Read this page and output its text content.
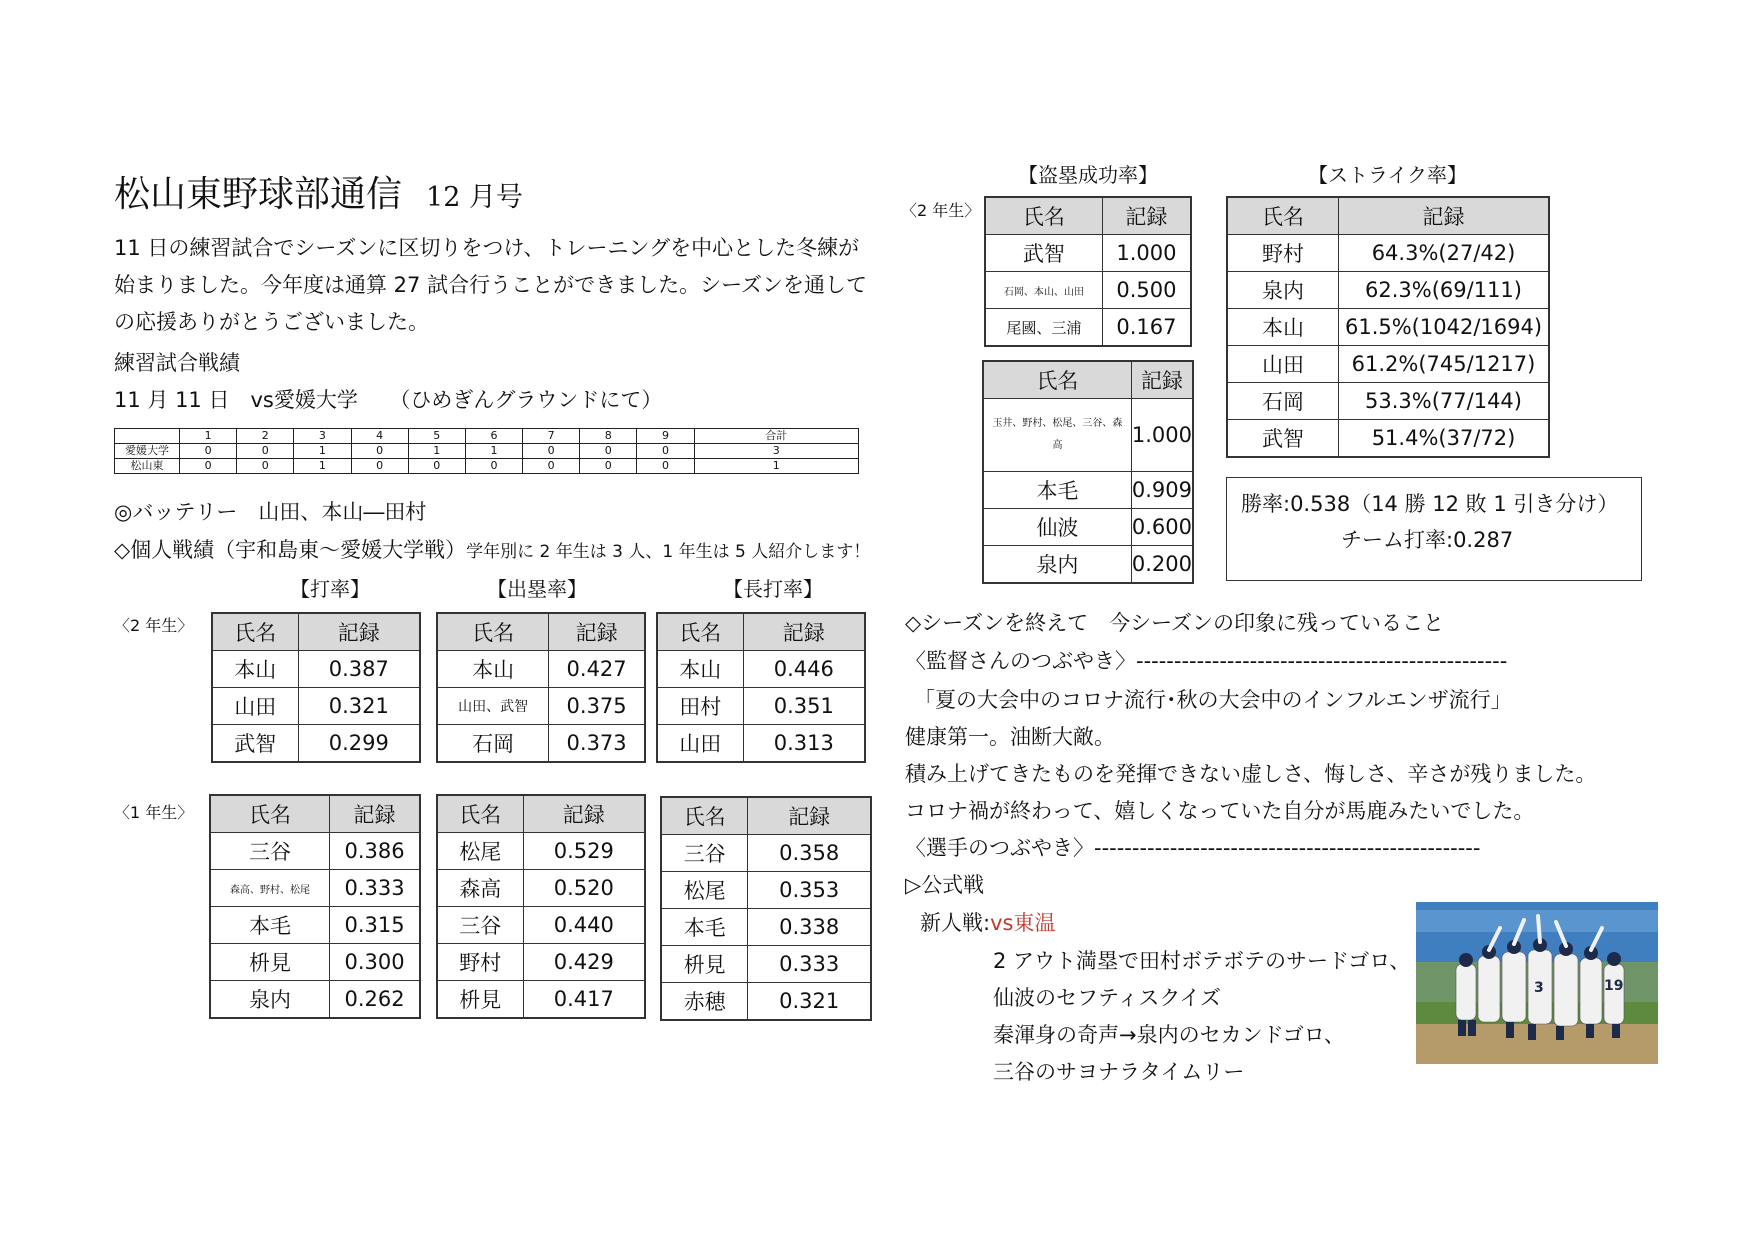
松山東野球部通信 12 月号
11 日の練習試合でシーズンに区切りをつけ、トレーニングを中心とした冬練が始まりました。今年度は通算 27 試合行うことができました。シーズンを通しての応援ありがとうございました。
練習試合戦績
11 月 11 日　vs愛媛大学　　（ひめぎんグラウンドにて）
	1	2	3	4	5	6	7	8	9	合計
愛媛大学	0	0	1	0	1	1	0	0	0	3
松山東	0	0	1	0	0	0	0	0	0	1
◎バッテリー　山田、本山―田村
◇個人戦績（宇和島東～愛媛大学戦）学年別に 2 年生は 3 人、1 年生は 5 人紹介します！
【打率】	【出塁率】	【長打率】
〈2 年生〉
〈1 年生〉
氏名	記録
本山	0.387
山田	0.321
武智	0.299
氏名	記録
本山	0.427
山田、武智	0.375
石岡	0.373
氏名	記録
本山	0.446
田村	0.351
山田	0.313
氏名	記録
三谷	0.386
森高、野村、松尾	0.333
本毛	0.315
枡見	0.300
泉内	0.262
氏名	記録
松尾	0.529
森高	0.520
三谷	0.440
野村	0.429
枡見	0.417
氏名	記録
三谷	0.358
松尾	0.353
本毛	0.338
枡見	0.333
赤穂	0.321
【盗塁成功率】
〈2 年生〉 氏名	記録
武智	1.000
石岡、本山、山田	0.500
尾國、三浦	0.167
氏名	記録
玉井、野村、松尾、三谷、森高	1.000
本毛	0.909
仙波	0.600
泉内	0.200
【ストライク率】
氏名	記録
野村	64.3%(27/42)
泉内	62.3%(69/111)
本山	61.5%(1042/1694)
山田	61.2%(745/1217)
石岡	53.3%(77/144)
武智	51.4%(37/72)
勝率:0.538（14 勝 12 敗 1 引き分け）
チーム打率:0.287
◇シーズンを終えて　今シーズンの印象に残っていること
〈監督さんのつぶやき〉-------------------------------------------------
「夏の大会中のコロナ流行･秋の大会中のインフルエンザ流行」
健康第一。油断大敵。
積み上げてきたものを発揮できない虚しさ、悔しさ、辛さが残りました。
コロナ禍が終わって、嬉しくなっていた自分が馬鹿みたいでした。
〈選手のつぶやき〉---------------------------------------------------
▷公式戦
新人戦:vs東温
2 アウト満塁で田村ボテボテのサードゴロ、
仙波のセフティスクイズ
秦渾身の奇声→泉内のセカンドゴロ、
三谷のサヨナラタイムリー
3	19
